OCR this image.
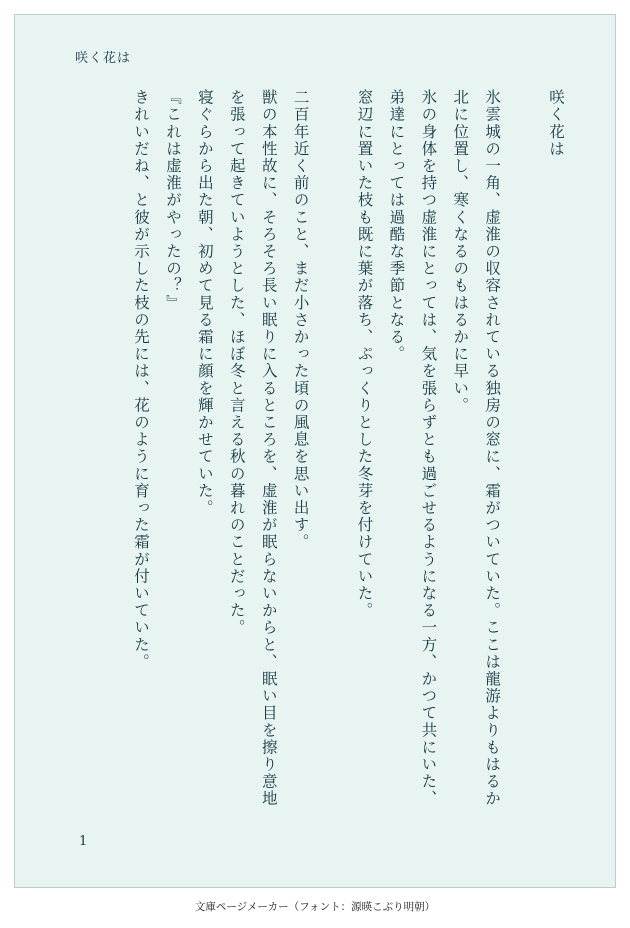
咲く花は
咲く花は

氷雲城の一角、虚淮の収容されている独房の窓に、霜がついていた。ここは龍游よりもはるか北に位置し、寒くなるのもはるかに早い。

氷の身体を持つ虚淮にとっては、気を張らずとも過ごせるようになる一方、かつて共にいた、弟達にとっては過酷な季節となる。

窓辺に置いた枝も既に葉が落ち、ぷっくりとした冬芽を付けていた。

二百年近く前のこと、まだ小さかった頃の風息を思い出す。

獣の本性故に、そろそろ長い眠りに入るところを、虚淮が眠らないからと、眠い目を擦り意地を張って起きていようとした、ほぼ冬と言える秋の暮れのことだった。

寝ぐらから出た朝、初めて見る霜に顔を輝かせていた。

『これは虚淮がやったの？』

きれいだね、と彼が示した枝の先には、花のように育った霜が付いていた。

1
文庫ページメーカー（フォント：源暎こぶり明朝）
